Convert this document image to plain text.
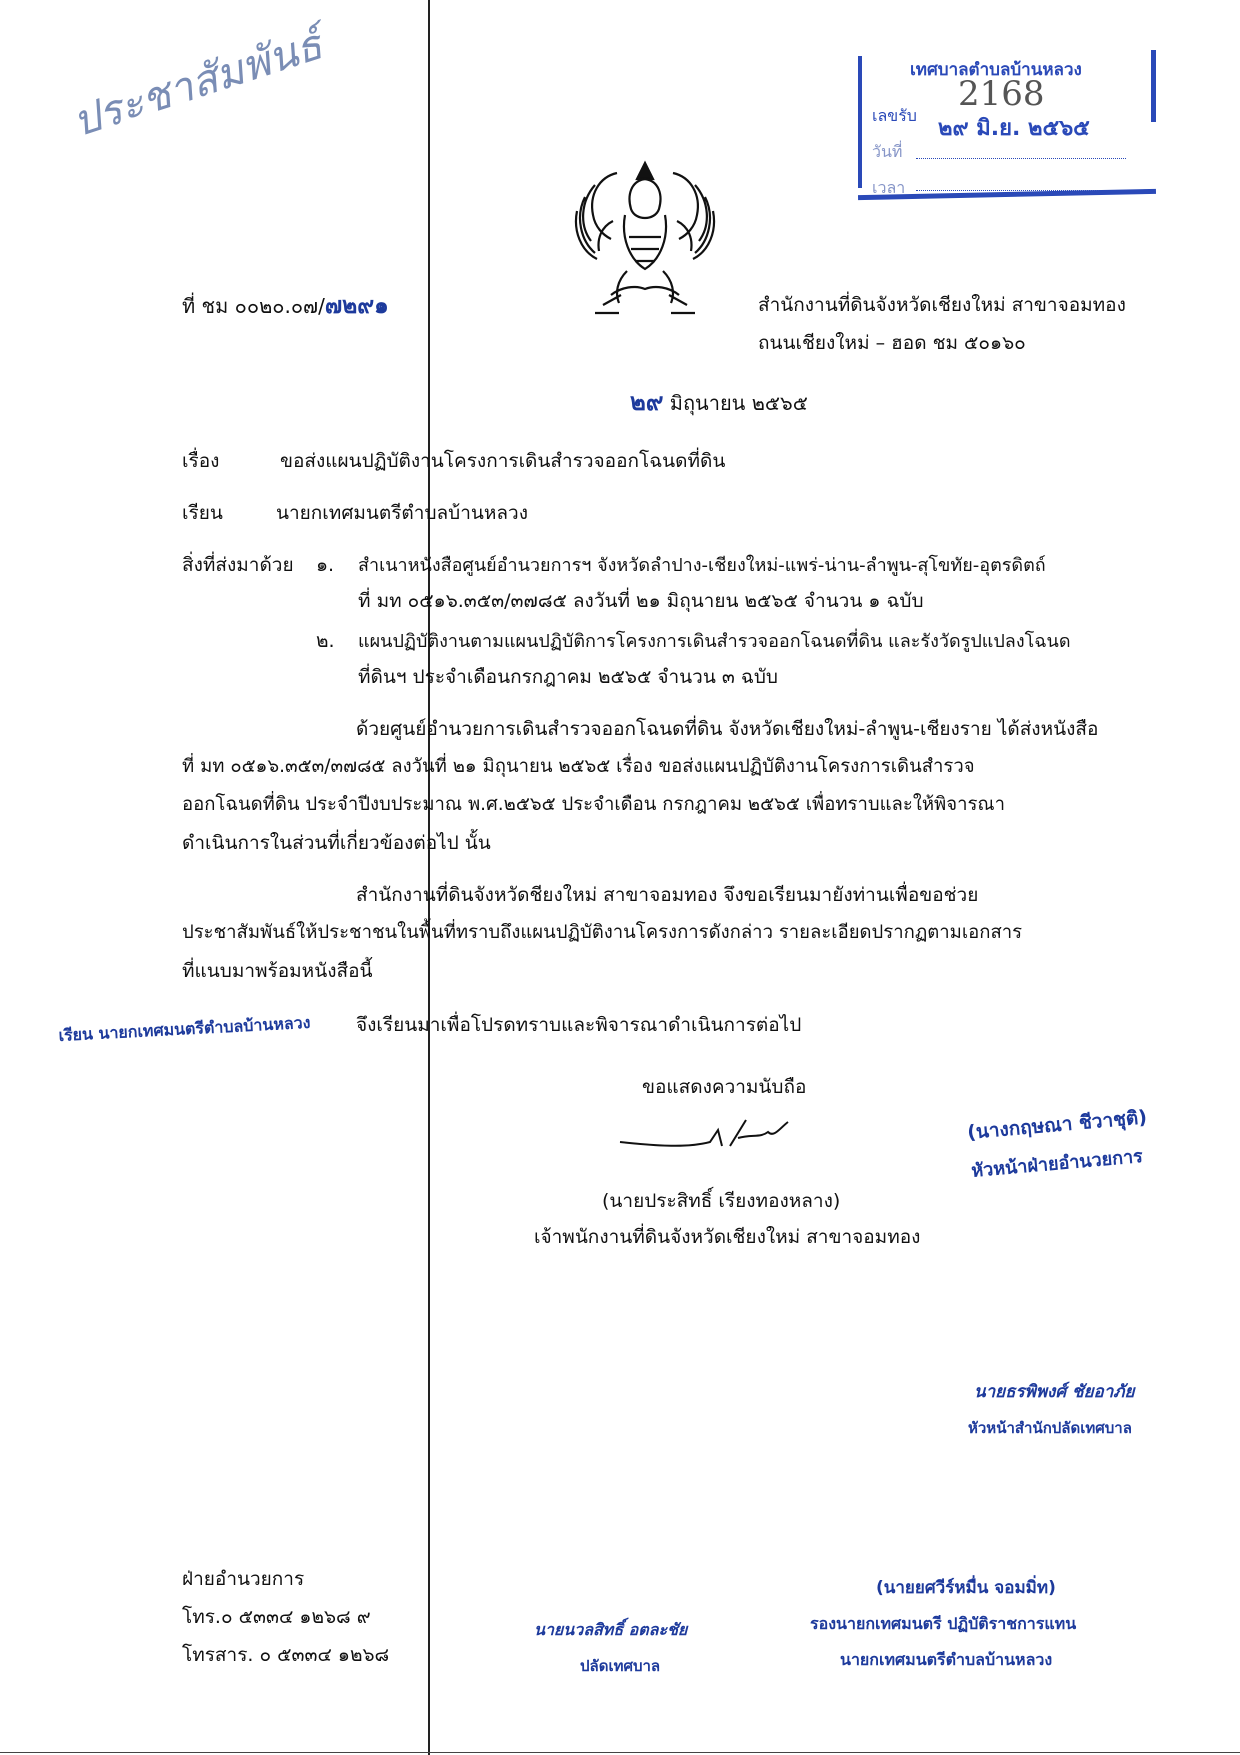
ประชาสัมพันธ์	เทศบาลตำบลบ้านหลวง
เลขรับ
2168
๒๙ มิ.ย. ๒๕๖๕
วันที่
เวลา
ที่ ชม ๐๐๒๐.๐๗/๗๒๙๑	สำนักงานที่ดินจังหวัดเชียงใหม่ สาขาจอมทอง
ถนนเชียงใหม่ – ฮอด ชม ๕๐๑๖๐
๒๙ มิถุนายน ๒๕๖๕
เรื่อง	ขอส่งแผนปฏิบัติงานโครงการเดินสำรวจออกโฉนดที่ดิน
เรียน	นายกเทศมนตรีตำบลบ้านหลวง
สิ่งที่ส่งมาด้วย ๑. สำเนาหนังสือศูนย์อำนวยการฯ จังหวัดลำปาง-เชียงใหม่-แพร่-น่าน-ลำพูน-สุโขทัย-อุตรดิตถ์
ที่ มท ๐๕๑๖.๓๕๓/๓๗๘๕ ลงวันที่ ๒๑ มิถุนายน ๒๕๖๕ จำนวน ๑ ฉบับ
๒. แผนปฏิบัติงานตามแผนปฏิบัติการโครงการเดินสำรวจออกโฉนดที่ดิน และรังวัดรูปแปลงโฉนด
ที่ดินฯ ประจำเดือนกรกฎาคม ๒๕๖๕ จำนวน ๓ ฉบับ
ด้วยศูนย์อำนวยการเดินสำรวจออกโฉนดที่ดิน จังหวัดเชียงใหม่-ลำพูน-เชียงราย ได้ส่งหนังสือ
ที่ มท ๐๕๑๖.๓๕๓/๓๗๘๕ ลงวันที่ ๒๑ มิถุนายน ๒๕๖๕ เรื่อง ขอส่งแผนปฏิบัติงานโครงการเดินสำรวจ
ออกโฉนดที่ดิน ประจำปีงบประมาณ พ.ศ.๒๕๖๕ ประจำเดือน กรกฎาคม ๒๕๖๕ เพื่อทราบและให้พิจารณา
ดำเนินการในส่วนที่เกี่ยวข้องต่อไป นั้น
สำนักงานที่ดินจังหวัดชียงใหม่ สาขาจอมทอง จึงขอเรียนมายังท่านเพื่อขอช่วย
ประชาสัมพันธ์ให้ประชาชนในพื้นที่ทราบถึงแผนปฏิบัติงานโครงการดังกล่าว รายละเอียดปรากฏตามเอกสาร
ที่แนบมาพร้อมหนังสือนี้
เรียน นายกเทศมนตรีตำบลบ้านหลวง จึงเรียนมาเพื่อโปรดทราบและพิจารณาดำเนินการต่อไป
ขอแสดงความนับถือ
(นายประสิทธิ์ เรียงทองหลาง)
เจ้าพนักงานที่ดินจังหวัดเชียงใหม่ สาขาจอมทอง
(นางกฤษณา ชีวาชุติ)
หัวหน้าฝ่ายอำนวยการ
นายธรพิพงศ์ ชัยอาภัย
หัวหน้าสำนักปลัดเทศบาล
ฝ่ายอำนวยการ
โทร.๐ ๕๓๓๔ ๑๒๖๘ ๙
โทรสาร. ๐ ๕๓๓๔ ๑๒๖๘
นายนวลสิทธิ์ อตละชัย
ปลัดเทศบาล
(นายยศวีร์หมื่น จอมมิ่ท)
รองนายกเทศมนตรี ปฏิบัติราชการแทน
นายกเทศมนตรีตำบลบ้านหลวง
